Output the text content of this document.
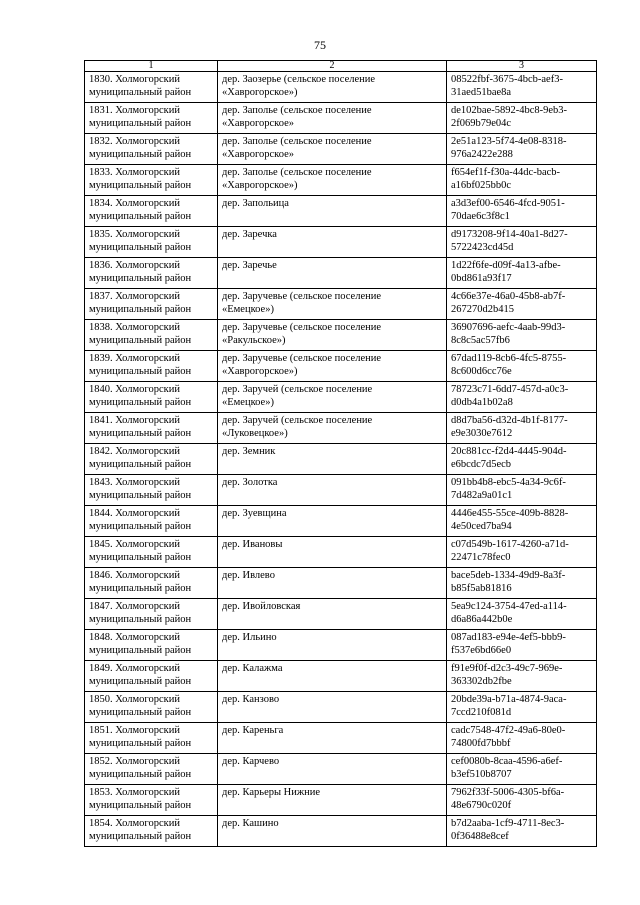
75
1	2	3

1830. Холмогорский
муниципальный район	дер. Заозерье (сельское поселение
«Хаврогорское»)	08522fbf-3675-4bcb-aef3-
31aed51bae8a

1831. Холмогорский
муниципальный район	дер. Заполье (сельское поселение
«Хаврогорское»	de102bae-5892-4bc8-9eb3-
2f069b79e04c

1832. Холмогорский
муниципальный район	дер. Заполье (сельское поселение
«Хаврогорское»	2e51a123-5f74-4e08-8318-
976a2422e288

1833. Холмогорский
муниципальный район	дер. Заполье (сельское поселение
«Хаврогорское»)	f654ef1f-f30a-44dc-bacb-
a16bf025bb0c

1834. Холмогорский
муниципальный район	дер. Запольица	a3d3ef00-6546-4fcd-9051-
70dae6c3f8c1

1835. Холмогорский
муниципальный район	дер. Заречка	d9173208-9f14-40a1-8d27-
5722423cd45d

1836. Холмогорский
муниципальный район	дер. Заречье	1d22f6fe-d09f-4a13-afbe-
0bd861a93f17

1837. Холмогорский
муниципальный район	дер. Заручевье (сельское поселение
«Емецкое»)	4c66e37e-46a0-45b8-ab7f-
267270d2b415

1838. Холмогорский
муниципальный район	дер. Заручевье (сельское поселение
«Ракульское»)	36907696-aefc-4aab-99d3-
8c8c5ac57fb6

1839. Холмогорский
муниципальный район	дер. Заручевье (сельское поселение
«Хаврогорское»)	67dad119-8cb6-4fc5-8755-
8c600d6cc76e

1840. Холмогорский
муниципальный район	дер. Заручей (сельское поселение
«Емецкое»)	78723c71-6dd7-457d-a0c3-
d0db4a1b02a8

1841. Холмогорский
муниципальный район	дер. Заручей (сельское поселение
«Луковецкое»)	d8d7ba56-d32d-4b1f-8177-
e9e3030e7612

1842. Холмогорский
муниципальный район	дер. Земник	20c881cc-f2d4-4445-904d-
e6bcdc7d5ecb

1843. Холмогорский
муниципальный район	дер. Золотка	091bb4b8-ebc5-4a34-9c6f-
7d482a9a01c1

1844. Холмогорский
муниципальный район	дер. Зуевщина	4446e455-55ce-409b-8828-
4e50ced7ba94

1845. Холмогорский
муниципальный район	дер. Ивановы	c07d549b-1617-4260-a71d-
22471c78fec0

1846. Холмогорский
муниципальный район	дер. Ивлево	bace5deb-1334-49d9-8a3f-
b85f5ab81816

1847. Холмогорский
муниципальный район	дер. Ивойловская	5ea9c124-3754-47ed-a114-
d6a86a442b0e

1848. Холмогорский
муниципальный район	дер. Ильино	087ad183-e94e-4ef5-bbb9-
f537e6bd66e0

1849. Холмогорский
муниципальный район	дер. Калажма	f91e9f0f-d2c3-49c7-969e-
363302db2fbe

1850. Холмогорский
муниципальный район	дер. Канзово	20bde39a-b71a-4874-9aca-
7ccd210f081d

1851. Холмогорский
муниципальный район	дер. Кареньга	cadc7548-47f2-49a6-80e0-
74800fd7bbbf

1852. Холмогорский
муниципальный район	дер. Карчево	cef0080b-8caa-4596-a6ef-
b3ef510b8707

1853. Холмогорский
муниципальный район	дер. Карьеры Нижние	7962f33f-5006-4305-bf6a-
48e6790c020f

1854. Холмогорский
муниципальный район	дер. Кашино	b7d2aaba-1cf9-4711-8ec3-
0f36488e8cef
